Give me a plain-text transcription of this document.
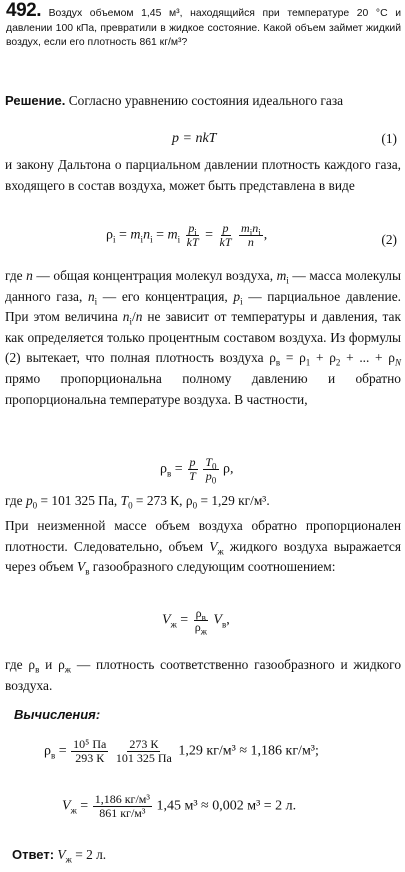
492. Воздух объемом 1,45 м³, находящийся при температуре 20 °С и давлении 100 кПа, превратили в жидкое состояние. Какой объем займет жидкий воздух, если его плотность 861 кг/м³?
Решение. Согласно уравнению состояния идеального газа
p = nkT	(1)
и закону Дальтона о парциальном давлении плотность каждого газа, входящего в состав воздуха, может быть представлена в виде
$\rho_i = m_in_i = m_i \frac{p_i}{kT} = \frac{p}{kT}$
$\frac{m_in_i}{n}$ ,	(2)
где n — общая концентрация молекул воздуха, $m_i$ — масса молекулы данного газа, $n_i$ — его концентрация, $p_i$ — парциальное давление. При этом величина $n_i/n$ не зависит от температуры и давления, так как определяется только процентным составом воздуха. Из формулы (2) вытекает, что полная плотность воздуха $\rho_в = \rho_1 + \rho_2$ + ... + $\rho_N$ прямо пропорциональна полному давлению и обратно пропорциональна температуре воздуха. В частности,
$\rho_в = \frac{p}{T}$
$\frac{T_0}{p_0} \rho$,
где $p_0 = 101$ 325 Па, $T_0 = 273$ К, $\rho_0 = 1,29$ кг/м³.
При неизменной массе объем воздуха обратно пропорционален плотности. Следовательно, объем $V_ж$ жидкого воздуха выражается через объем $V_в$ газообразного следующим соотношением:
$V_ж = \frac{\rho_в}{\rho_ж} V_в$,
где $\rho_в$ и $\rho_ж$ — плотность соответственно газообразного и жидкого воздуха.
Вычисления:
$\rho_в = \frac{\text{10⁵ Па}}{293 К}$
$\frac{273 К}{101 325 Па} 1,29$ кг/м³ ≈ 1,186 кг/м³;
$V_ж = \frac{\text{1,186 кг/м³}}{\text{861 кг/м³}} 1,45$ м³ ≈ 0,002 м³ = 2 л.
Ответ: $V_ж = 2$ л.
